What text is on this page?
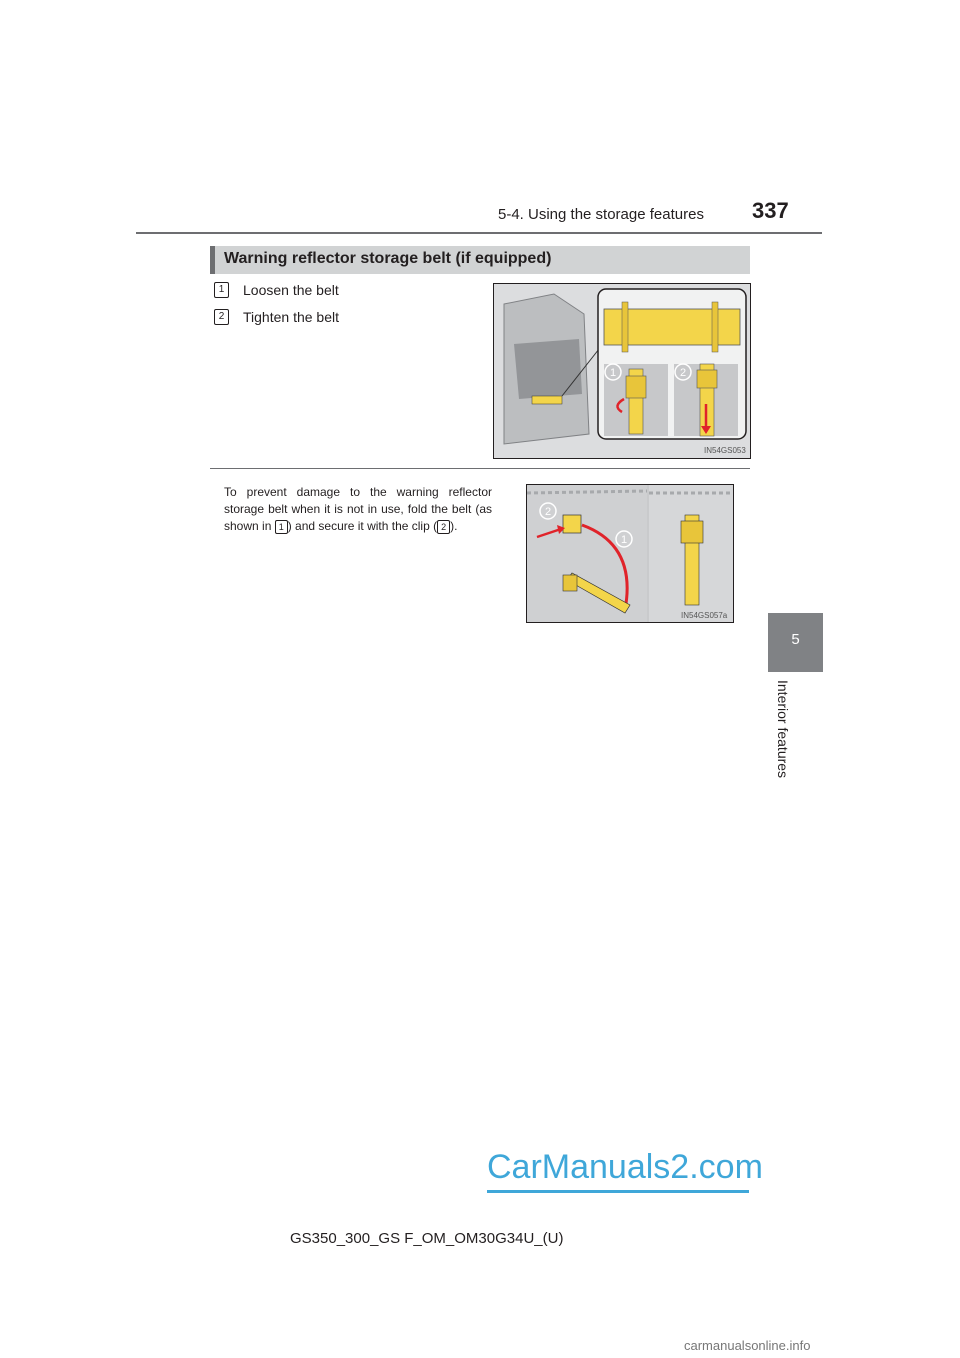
5-4. Using the storage features 337
5
Interior features
Warning reflector storage belt (if equipped)
1	Loosen the belt
2	Tighten the belt
1	2
IN54GS053
To prevent damage to the warning reflector storage belt when it is not in use, fold the belt (as shown in 1 ) and secure it with the clip ( 2 ).
2
1
IN54GS057a
CarManuals2.com
GS350_300_GS F_OM_OM30G34U_(U)
carmanualsonline.info
